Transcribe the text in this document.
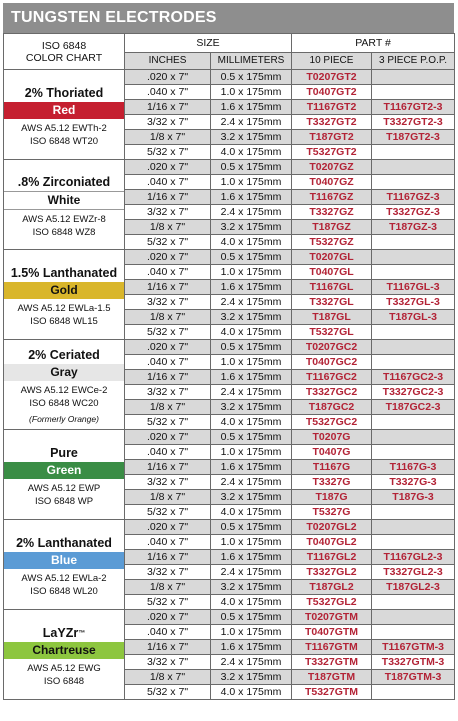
TUNGSTEN ELECTRODES
ISO 6848
COLOR CHART	SIZE		PART #	
	INCHES	MILLIMETERS	10 PIECE	3 PIECE P.O.P.

2% Thoriated
Red
AWS A5.12 EWTh-2
ISO 6848 WT20	.020 x 7"	0.5 x 175mm	T0207GT2	
	.040 x 7"	1.0 x 175mm	T0407GT2	
	1/16 x 7"	1.6 x 175mm	T1167GT2	T1167GT2-3
	3/32 x 7"	2.4 x 175mm	T3327GT2	T3327GT2-3
	1/8 x 7"	3.2 x 175mm	T187GT2	T187GT2-3
	5/32 x 7"	4.0 x 175mm	T5327GT2	

.8% Zirconiated
White
AWS A5.12 EWZr-8
ISO 6848 WZ8	.020 x 7"	0.5 x 175mm	T0207GZ	
	.040 x 7"	1.0 x 175mm	T0407GZ	
	1/16 x 7"	1.6 x 175mm	T1167GZ	T1167GZ-3
	3/32 x 7"	2.4 x 175mm	T3327GZ	T3327GZ-3
	1/8 x 7"	3.2 x 175mm	T187GZ	T187GZ-3
	5/32 x 7"	4.0 x 175mm	T5327GZ	

1.5% Lanthanated
Gold
AWS A5.12 EWLa-1.5
ISO 6848 WL15	.020 x 7"	0.5 x 175mm	T0207GL	
	.040 x 7"	1.0 x 175mm	T0407GL	
	1/16 x 7"	1.6 x 175mm	T1167GL	T1167GL-3
	3/32 x 7"	2.4 x 175mm	T3327GL	T3327GL-3
	1/8 x 7"	3.2 x 175mm	T187GL	T187GL-3
	5/32 x 7"	4.0 x 175mm	T5327GL	

2% Ceriated
Gray
AWS A5.12 EWCe-2
ISO 6848 WC20
(Formerly Orange)	.020 x 7"	0.5 x 175mm	T0207GC2	
	.040 x 7"	1.0 x 175mm	T0407GC2	
	1/16 x 7"	1.6 x 175mm	T1167GC2	T1167GC2-3
	3/32 x 7"	2.4 x 175mm	T3327GC2	T3327GC2-3
	1/8 x 7"	3.2 x 175mm	T187GC2	T187GC2-3
	5/32 x 7"	4.0 x 175mm	T5327GC2	

Pure
Green
AWS A5.12 EWP
ISO 6848 WP	.020 x 7"	0.5 x 175mm	T0207G	
	.040 x 7"	1.0 x 175mm	T0407G	
	1/16 x 7"	1.6 x 175mm	T1167G	T1167G-3
	3/32 x 7"	2.4 x 175mm	T3327G	T3327G-3
	1/8 x 7"	3.2 x 175mm	T187G	T187G-3
	5/32 x 7"	4.0 x 175mm	T5327G	

2% Lanthanated
Blue
AWS A5.12 EWLa-2
ISO 6848 WL20	.020 x 7"	0.5 x 175mm	T0207GL2	
	.040 x 7"	1.0 x 175mm	T0407GL2	
	1/16 x 7"	1.6 x 175mm	T1167GL2	T1167GL2-3
	3/32 x 7"	2.4 x 175mm	T3327GL2	T3327GL2-3
	1/8 x 7"	3.2 x 175mm	T187GL2	T187GL2-3
	5/32 x 7"	4.0 x 175mm	T5327GL2	

LaYZr™
Chartreuse
AWS A5.12 EWG
ISO 6848	.020 x 7"	0.5 x 175mm	T0207GTM	
	.040 x 7"	1.0 x 175mm	T0407GTM	
	1/16 x 7"	1.6 x 175mm	T1167GTM	T1167GTM-3
	3/32 x 7"	2.4 x 175mm	T3327GTM	T3327GTM-3
	1/8 x 7"	3.2 x 175mm	T187GTM	T187GTM-3
	5/32 x 7"	4.0 x 175mm	T5327GTM	
